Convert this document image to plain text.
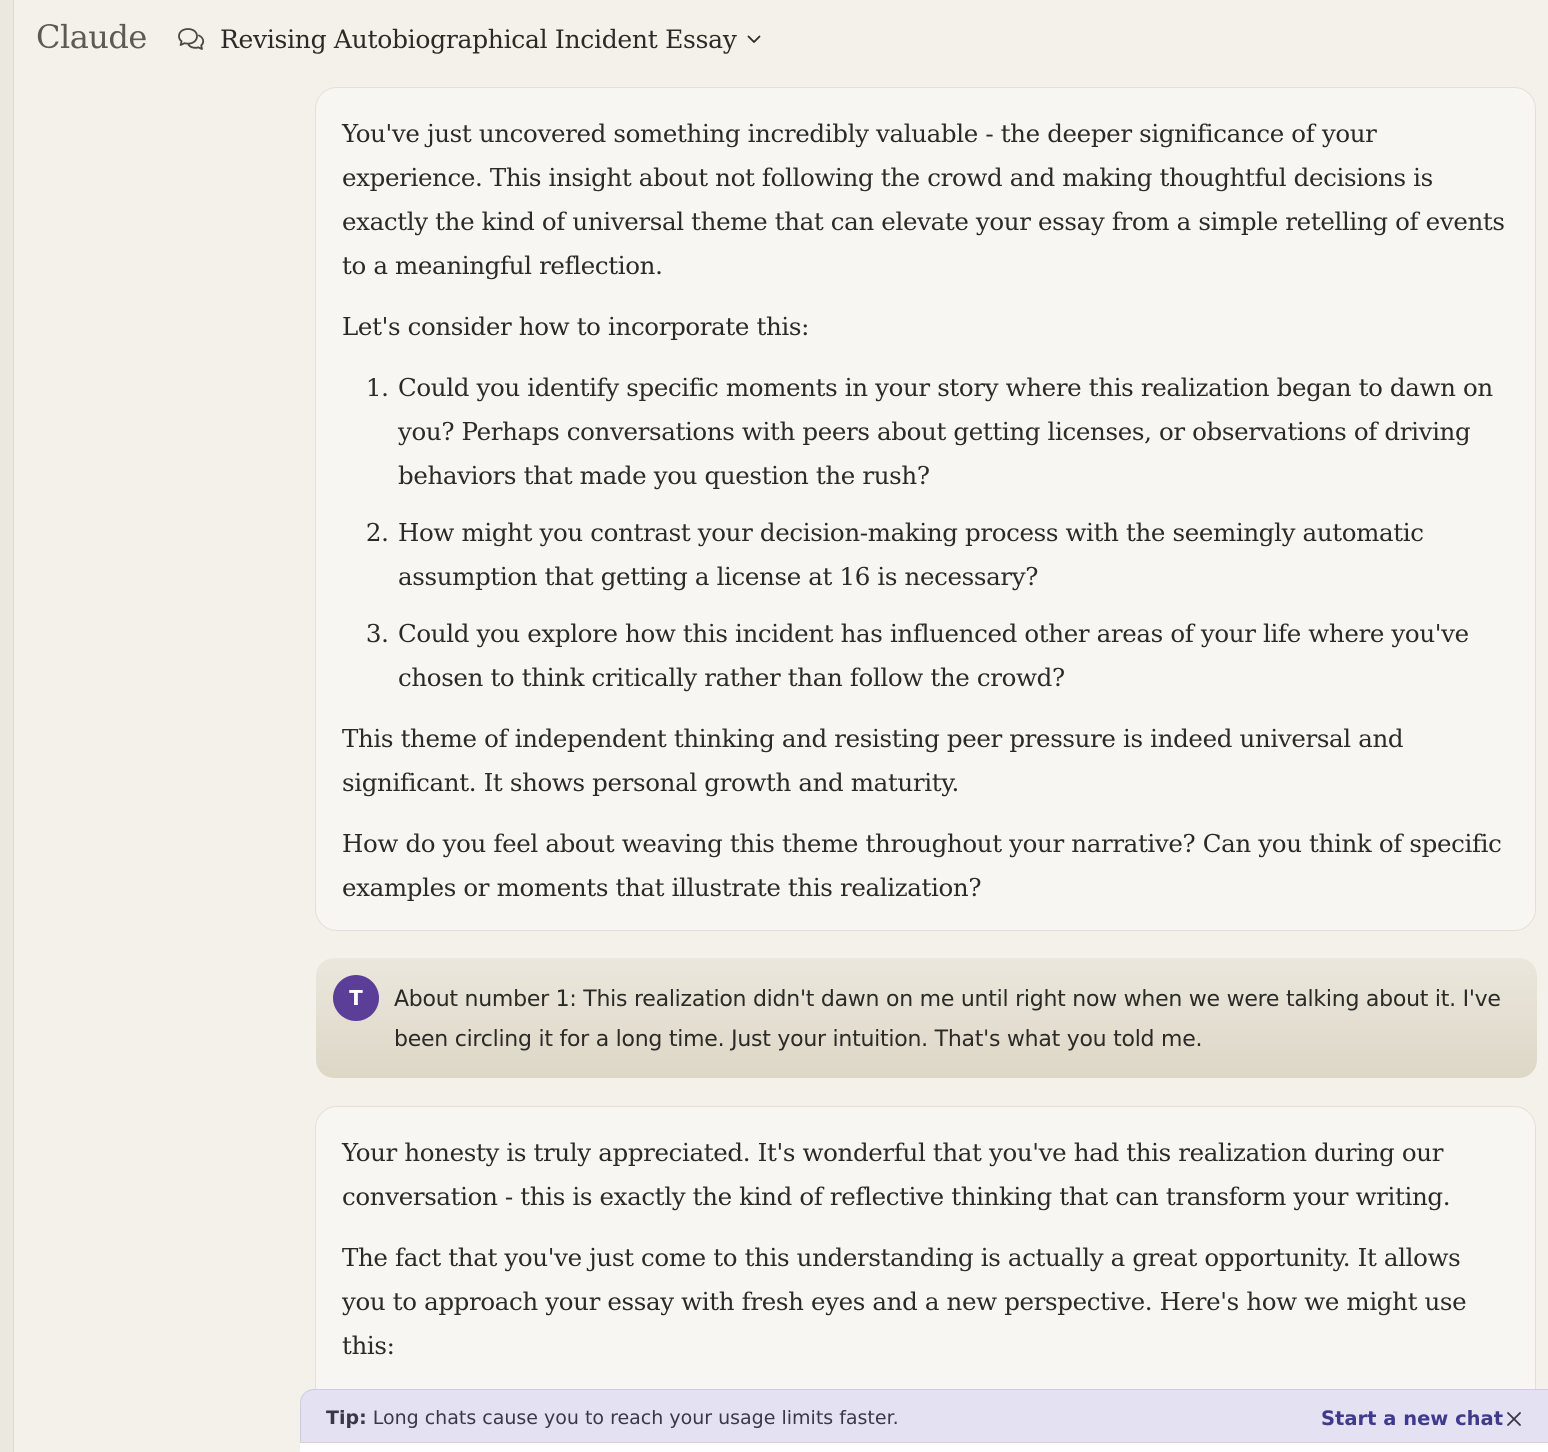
Claude	Revising Autobiographical Incident Essay

You've just uncovered something incredibly valuable - the deeper significance of your experience. This insight about not following the crowd and making thoughtful decisions is exactly the kind of universal theme that can elevate your essay from a simple retelling of events to a meaningful reflection.

Let's consider how to incorporate this:

1. Could you identify specific moments in your story where this realization began to dawn on you? Perhaps conversations with peers about getting licenses, or observations of driving behaviors that made you question the rush?
2. How might you contrast your decision-making process with the seemingly automatic assumption that getting a license at 16 is necessary?
3. Could you explore how this incident has influenced other areas of your life where you've chosen to think critically rather than follow the crowd?

This theme of independent thinking and resisting peer pressure is indeed universal and significant. It shows personal growth and maturity.

How do you feel about weaving this theme throughout your narrative? Can you think of specific examples or moments that illustrate this realization?

T	About number 1: This realization didn't dawn on me until right now when we were talking about it. I've been circling it for a long time. Just your intuition. That's what you told me.

Your honesty is truly appreciated. It's wonderful that you've had this realization during our conversation - this is exactly the kind of reflective thinking that can transform your writing.

The fact that you've just come to this understanding is actually a great opportunity. It allows you to approach your essay with fresh eyes and a new perspective. Here's how we might use this:

Tip: Long chats cause you to reach your usage limits faster.	Start a new chat
